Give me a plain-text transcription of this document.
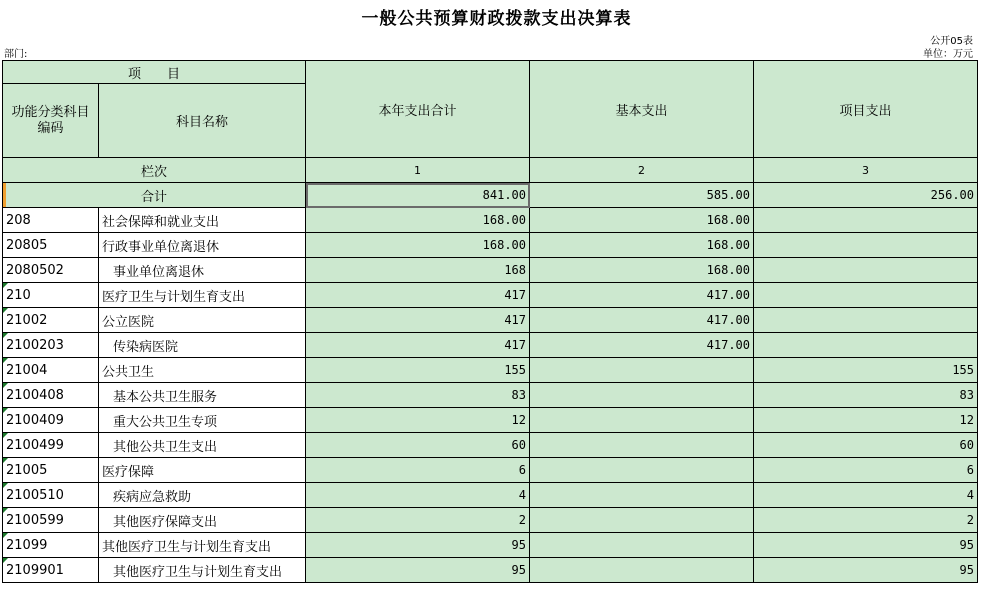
一般公共预算财政拨款支出决算表
公开05表
部门:	单位：万元
项　　目		本年支出合计	基本支出	项目支出
功能分类科目编码	科目名称			
栏次		1	2	3
合计		841.00	585.00	256.00
208	社会保障和就业支出	168.00	168.00	
20805	行政事业单位离退休	168.00	168.00	
2080502	事业单位离退休	168	168.00	
210	医疗卫生与计划生育支出	417	417.00	
21002	公立医院	417	417.00	
2100203	传染病医院	417	417.00	
21004	公共卫生	155		155
2100408	基本公共卫生服务	83		83
2100409	重大公共卫生专项	12		12
2100499	其他公共卫生支出	60		60
21005	医疗保障	6		6
2100510	疾病应急救助	4		4
2100599	其他医疗保障支出	2		2
21099	其他医疗卫生与计划生育支出	95		95
2109901	其他医疗卫生与计划生育支出	95		95
